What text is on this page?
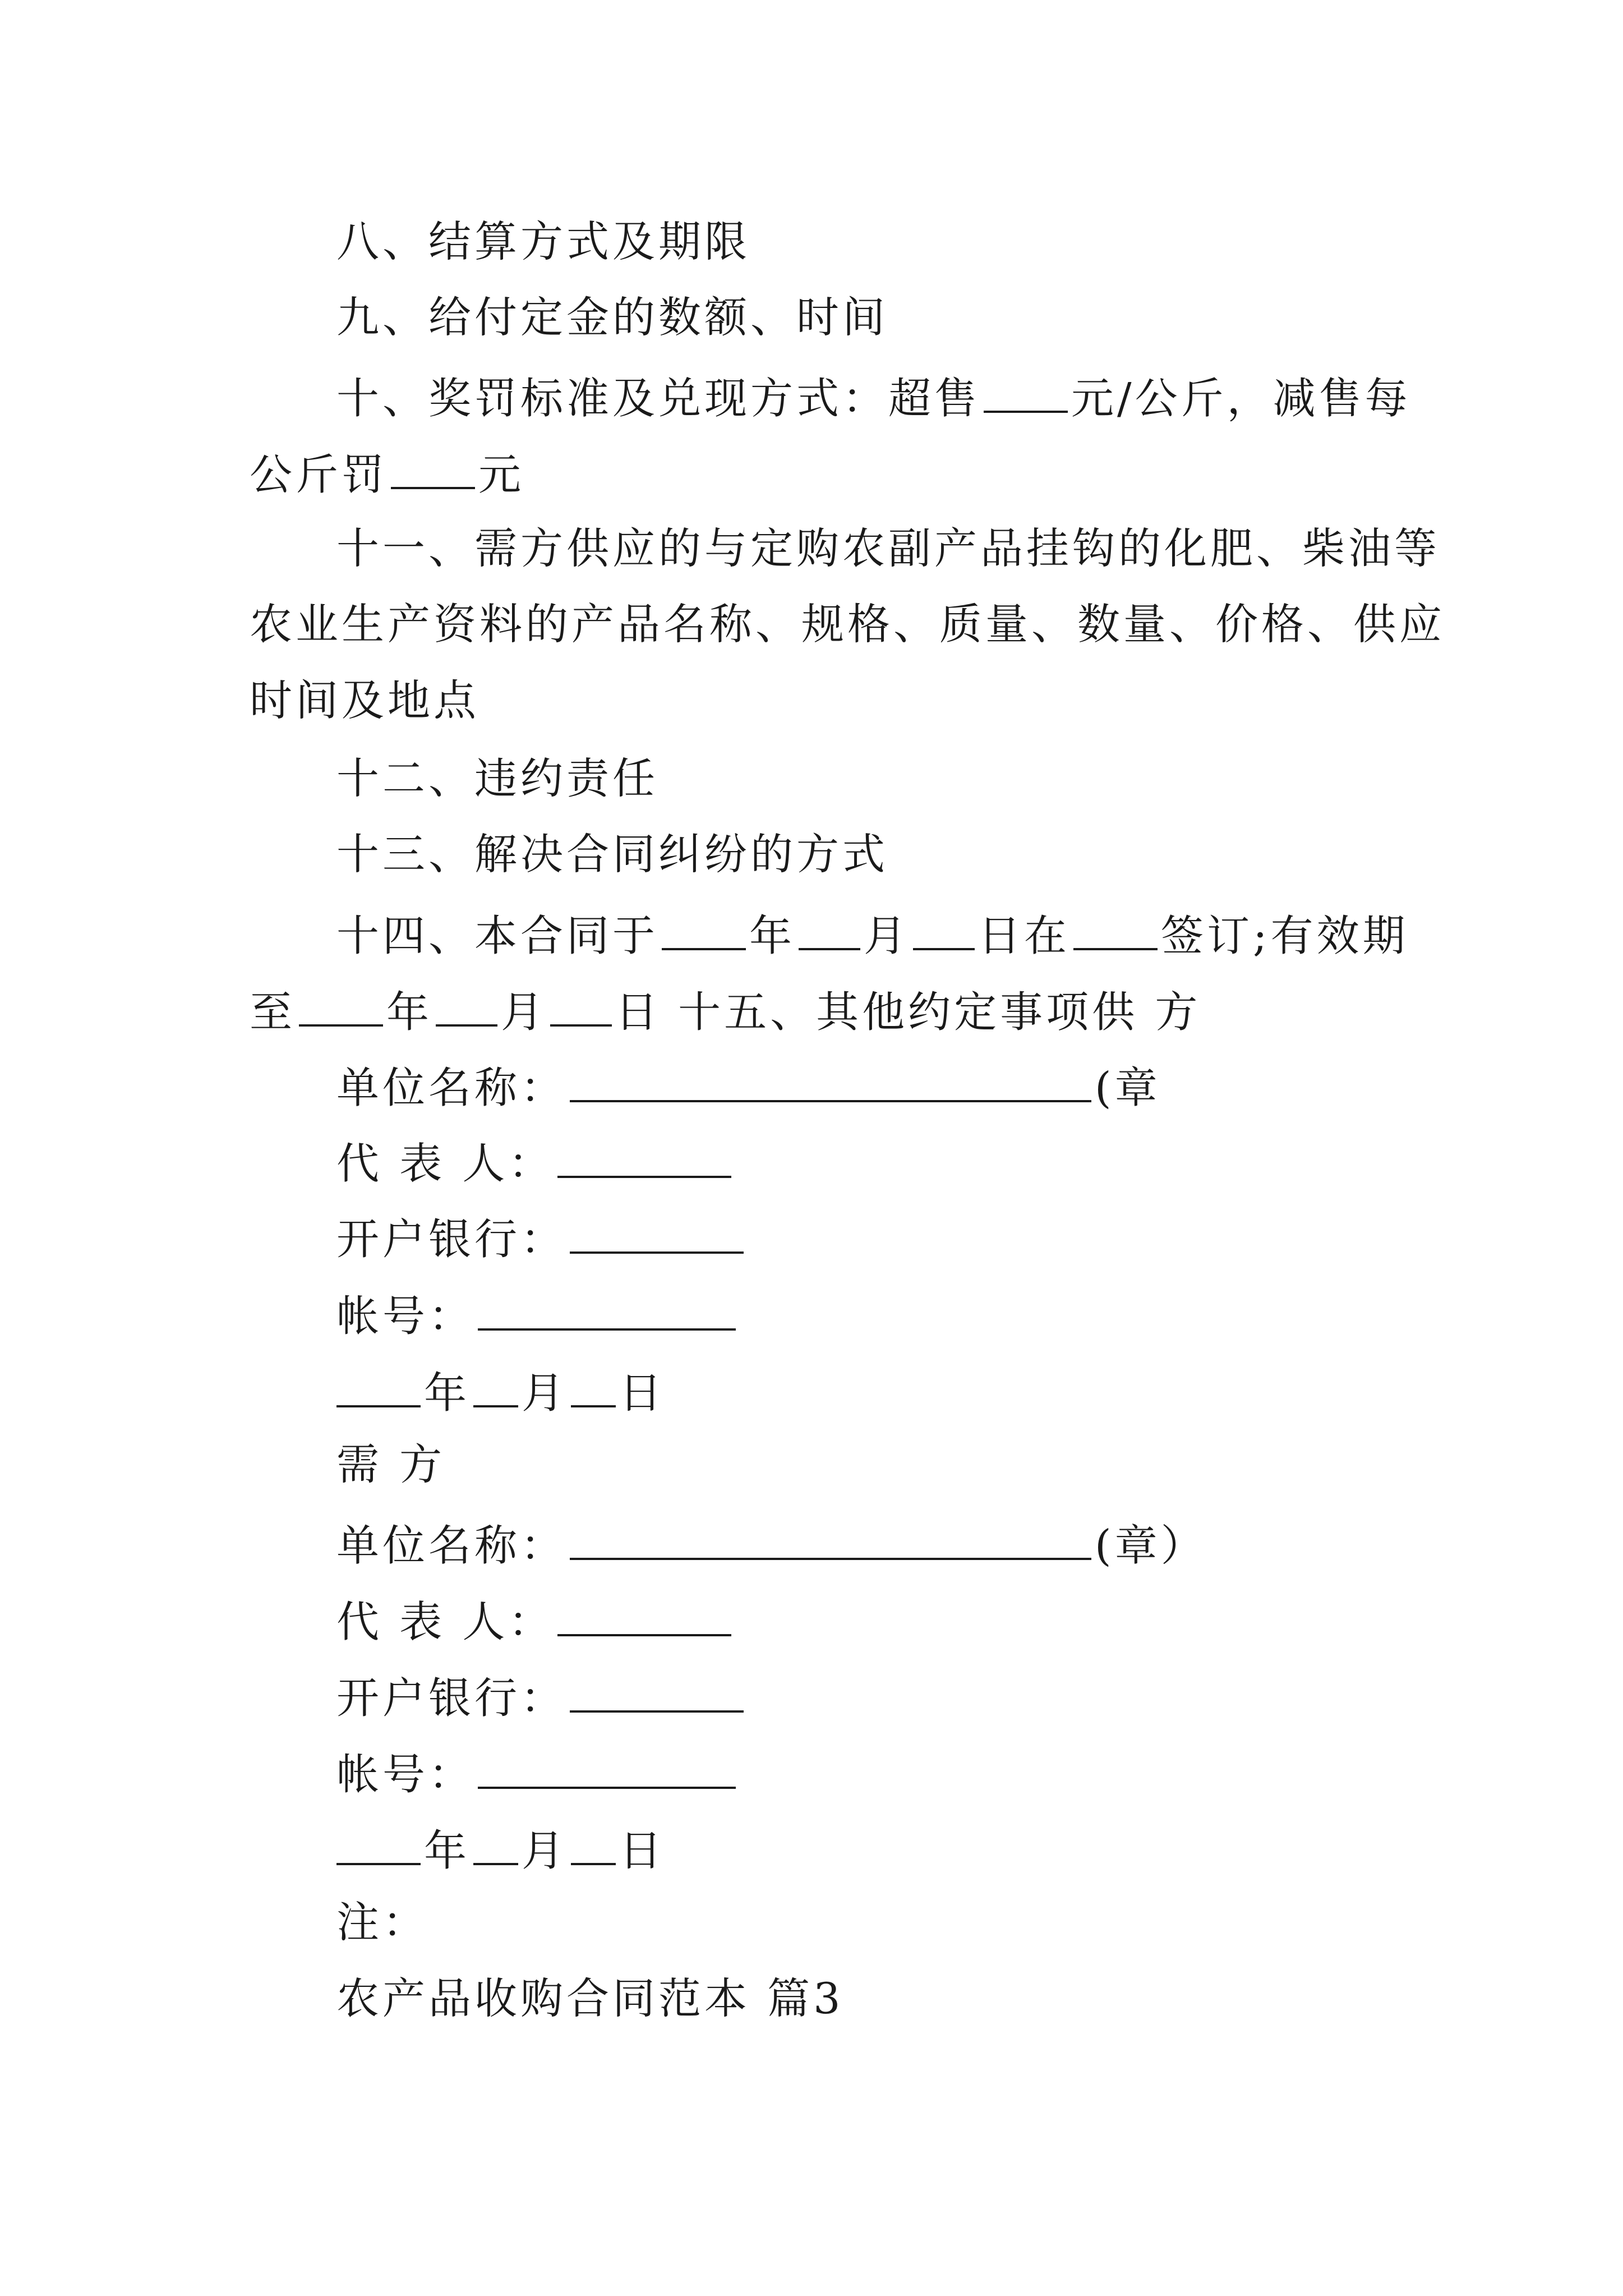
八、结算方式及期限
九、给付定金的数额、时间
十、奖罚标准及兑现方式：超售 元/公斤，减售每
公斤罚 元
十一、需方供应的与定购农副产品挂钩的化肥、柴油等
农业生产资料的产品名称、规格、质量、数量、价格、供应
时间及地点
十二、违约责任
十三、解决合同纠纷的方式
十四、本合同于 年 月 日在 签订;有效期
至 年 月 日 十五、其他约定事项供 方
单位名称：	(章
代 表 人：
开户银行：
帐号：
年 月 日
需 方
单位名称：	(章）
代 表 人：
开户银行：
帐号：
年 月 日
注：
农产品收购合同范本 篇3
